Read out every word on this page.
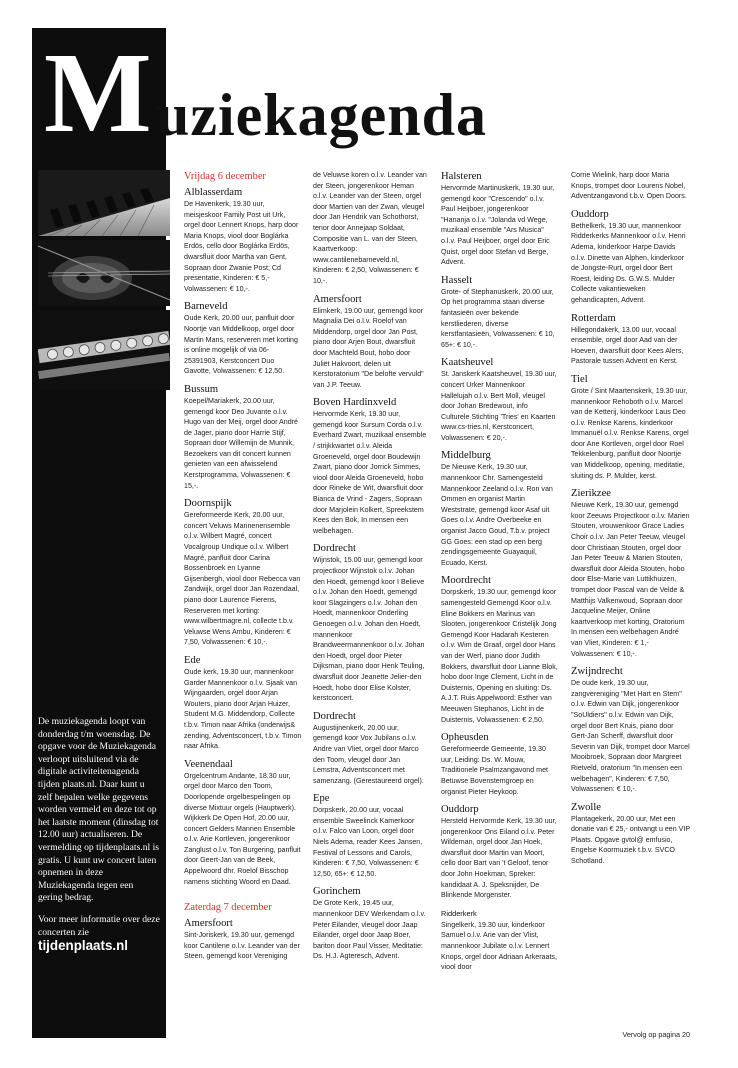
M uziekagenda

De muziekagenda loopt van donderdag t/m woensdag. De opgave voor de Muziekagenda verloopt uitsluitend via de digitale activiteitenagenda tijden plaats.nl. Daar kunt u zelf bepalen welke gegevens worden vermeld en deze tot op het laatste moment (dinsdag tot 12.00 uur) actualiseren. De vermelding op tijdenplaats.nl is gratis. U kunt uw concert laten opnemen in deze Muziekagenda tegen een gering bedrag.

Voor meer informatie over deze concerten zie
tijdenplaats.nl

Vrijdag 6 december
Alblasserdam

De Havenkerk, 19.30 uur, meisjeskoor Family Post uit Urk, orgel door Lennert Knops, harp door Maria Knops, viool door Boglárka Erdös, cello door Boglárka Erdös, dwarsfluit door Martha van Gent, Sopraan door Zwanie Post; Cd presentatie, Kinderen: € 5,- Volwassenen: € 10,-.

Barneveld

Oude Kerk, 20.00 uur, panfluit door Noortje van Middelkoop, orgel door Martin Mans, reserveren met korting is online mogelijk of via 06-25391903, Kerstconcert Duo Gavotte, Volwassenen: € 12,50.

Bussum

Koepel/Mariakerk, 20.00 uur, gemengd koor Deo Juvante o.l.v. Hugo van der Meij, orgel door André de Jager, piano door Harrie Stijf, Sopraan door Willemijn de Munnik, Bezoekers van dit concert kunnen genieten van een afwisselend Kerstprogramma, Volwassenen: € 15,-.

Doornspijk

Gereformeerde Kerk, 20.00 uur, concert Veluws Mannenensemble o.l.v. Wilbert Magré, concert Vocalgroup Undique o.l.v. Wilbert Magré, panfluit door Carina Bossenbroek en Lyanne Gijsenbergh, viool door Rebecca van Zandwijk, orgel door Jan Rozendaal, piano door Laurence Fierens, Reserveren met korting: www.wilbertmagre.nl, collecte t.b.v. Veluwse Wens Ambu, Kinderen: € 7,50, Volwassenen: € 10,-.

Ede

Oude kerk, 19.30 uur, mannenkoor Garder Mannenkoor o.l.v. Sjaak van Wijngaarden, orgel door Arjan Wouters, piano door Arjan Huizer, Student M.G. Middendorp, Collecte t.b.v. Timon naar Afrika (onderwijs& zending, Adventsconcert, t.b.v. Timon naar Afrika.

Veenendaal

Orgelcentrum Andante, 18.30 uur, orgel door Marco den Toom, Doorlopende orgelbespelingen op diverse Mixtuur orgels (Hauptwerk). Wijkkerk De Open Hof, 20.00 uur, concert Gelders Mannen Ensemble o.l.v. Arie Kortleven, jongerenkoor Zanglust o.l.v. Ton Burgering, panfluit door Geert-Jan van de Beek, Appelwoord dhr. Roelof Bisschop namens stichting Woord en Daad.

Zaterdag 7 december
Amersfoort

Sint-Joriskerk, 19.30 uur, gemengd koor Cantilene o.l.v. Leander van der Steen, gemengd koor Vereniging

de Veluwse koren o.l.v. Leander van der Steen, jongerenkoor Heman o.l.v. Leander van der Steen, orgel door Martien van der Zwan, vleugel door Jan Hendrik van Schothorst, tenor door Annejaap Soldaat, Compositie van L. van der Steen, Kaartverkoop: www.cantilenebarneveld.nl, Kinderen: € 2,50, Volwassenen: € 10,-.

Amersfoort

Elimkerk, 19.00 uur, gemengd koor Magnalia Dei o.l.v. Roelof van Middendorp, orgel door Jan Post, piano door Arjen Bout, dwarsfluit door Machteld Bout, hobo door Juliët Hakvoort, delen uit Kerstoratorium "De belofte vervuld" van J.P. Teeuw.

Boven Hardinxveld

Hervormde Kerk, 19.30 uur, gemengd koor Sursum Corda o.l.v. Everhard Zwart, muzikaal ensemble / strijkkwartet o.l.v. Aleida Groeneveld, orgel door Boudewijn Zwart, piano door Jorrick Simmes, viool door Aleida Groeneveld, hobo door Rineke de Wit, dwarsfluit door Bianca de Vrind - Zagers, Sopraan door Marjolein Kolkert, Spreekstem Kees den Bok, In mensen een welbehagen.

Dordrecht

Wijnstok, 15.00 uur, gemengd koor projectkoor Wijnstok o.l.v. Johan den Hoedt, gemengd koor I Believe o.l.v. Johan den Hoedt, gemengd koor Slagzingers o.l.v. Johan den Hoedt, mannenkoor Onderling Genoegen o.l.v. Johan den Hoedt, mannenkoor Brandweermannenkoor o.l.v. Johan den Hoedt, orgel door Pieter Dijksman, piano door Henk Teuling, dwarsfluit door Jeanette Jelier-den Hoedt, hobo door Elise Kolster, kerstconcert.

Dordrecht

Augustijnenkerk, 20.00 uur, gemengd koor Vox Jubilans o.l.v. Andre van Vliet, orgel door Marco den Toom, vleugel door Jan Lemstra, Adventsconcert met samenzang. (Gerestaureerd orgel).

Epe

Dorpskerk, 20.00 uur, vocaal ensemble Sweelinck Kamerkoor o.l.v. Falco van Loon, orgel door Niels Adema, reader Kees Jansen, Festival of Lessons and Carols, Kinderen: € 7,50, Volwassenen: € 12,50, 65+: € 12,50.

Gorinchem

De Grote Kerk, 19.45 uur, mannenkoor DEV Werkendam o.l.v. Peter Eilander, vleugel door Jaap Eilander, orgel door Jaap Boer, bariton door Paul Visser, Meditatie: Ds. H.J. Agteresch, Advent.

Halsteren

Hervormde Martinuskerk, 19.30 uur, gemengd koor "Crescendo" o.l.v. Paul Heijboer, jongerenkoor "Hananja o.l.v. "Jolanda vd Wege, muzikaal ensemble "Ars Musica" o.l.v. Paul Heijboer, orgel door Eric Quist, orgel door Stefan vd Berge, Advent.

Hasselt

Grote- of Stephanuskerk, 20.00 uur, Op het programma staan diverse fantasieën over bekende kerstliederen, diverse kerstfantasieën, Volwassenen: € 10, 65+: € 10,-.

Kaatsheuvel

St. Janskerk Kaatsheuvel, 19.30 uur, concert Urker Mannenkoor Hallelujah o.l.v. Bert Moll, vleugel door Johan Bredewout, info Culturele Stichting 'Tries' en Kaarten www.cs-tries.nl, Kerstconcert, Volwassenen: € 20,-.

Middelburg

De Nieuwe Kerk, 19.30 uur, mannenkoor Chr. Samengesteld Mannenkoor Zeeland o.l.v. Ron van Ommen en organist Martin Weststrate, gemengd koor Asaf uit Goes o.l.v. Andre Overbeeke en organist Jacco Goud, T.b.v. project GG Goes: een stad op een berg zendingsgemeente Guayaquil, Ecuado, Kerst.

Moordrecht

Dorpskerk, 19.30 uur, gemengd koor samengesteld Gemengd Koor o.l.v. Eline Bokkers en Marinus van Slooten, jongerenkoor Cristelijk Jong Gemengd Koor Hadarah Kesteren o.l.v. Wim de Graaf, orgel door Hans van der Werf, piano door Judith Bokkers, dwarsfluit door Lianne Blok, hobo door Inge Clement, Licht in de Duisternis, Opening en sluiting: Ds. A.J.T. Ruis Appelwoord: Esther van Meeuwen Stephanos, Licht in de Duisternis, Volwassenen: € 2,50.

Opheusden

Gereformeerde Gemeente, 19.30 uur, Leiding: Ds. W. Mouw, Traditionele Psalmzangavond met Betuwse Bovenstemgroep en organist Pieter Heykoop.

Ouddorp

Hersteld Hervormde Kerk, 19.30 uur, jongerenkoor Ons Eiland o.l.v. Peter Wildeman, orgel door Jan Hoek, dwarsfluit door Martin van Moort, cello door Bart van 't Geloof, tenor door John Hoekman, Spreker: kandidaat A. J. Speksnijder, De Blinkende Morgenster.

Ridderkerk

Singelkerk, 19.30 uur, kinderkoor Samuel o.l.v. Arie van der Vlist, mannenkoor Jubilate o.l.v. Lennert Knops, orgel door Adriaan Arkeraats, viool door

Corrie Wielink, harp door Maria Knops, trompet door Lourens Nobel, Adventzangavond t.b.v. Open Doors.

Ouddorp

Bethelkerk, 19.30 uur, mannenkoor Ridderkerks Mannenkoor o.l.v. Henri Adema, kinderkoor Harpe Davids o.l.v. Dinette van Alphen, kinderkoor de Jongste-Rurt, orgel door Bert Roest, leiding Ds. G.W.S. Mulder Collecte vakantieweken gehandicapten, Advent.

Rotterdam

Hillegondakerk, 13.00 uur, vocaal ensemble, orgel door Aad van der Hoeven, dwarsfluit door Kees Alers, Pastorale tussen Advent en Kerst.

Tiel

Grote / Sint Maartenskerk, 19.30 uur, mannenkoor Rehoboth o.l.v. Marcel van de Ketterij, kinderkoor Laus Deo o.l.v. Renkse Karens, kinderkoor Immanuël o.l.v. Renkse Karens, orgel door Ane Kortleven, orgel door Roel Tekkelenburg, panfluit door Noortje van Middelkoop, opening, meditatie, sluiting ds. P. Mulder, kerst.

Zierikzee

Nieuwe Kerk, 19.30 uur, gemengd koor Zeeuws Projectkoor o.l.v. Marien Stouten, vrouwenkoor Grace Ladies Choir o.l.v. Jan Peter Teeuw, vleugel door Christiaan Stouten, orgel door Jan Peter Teeuw & Marien Stouten, dwarsfluit door Aleida Stouten, hobo door Else-Marie van Luttikhuizen, trompet door Pascal van de Velde & Matthijs Valkenwoud, Sopraan door Jacqueline Meijer, Online kaartverkoop met korting, Oratorium In mensen een welbehagen André van Vliet, Kinderen: € 1,- Volwassenen: € 10,-.

Zwijndrecht

De oude kerk, 19.30 uur, zangvereniging "Met Hart en Stem" o.l.v. Edwin van Dijk, jongerenkoor "SoUldiers" o.l.v. Edwin van Dijk, orgel door Bert Kruis, piano door Gert-Jan Scherff, dwarsfluit door Severin van Dijk, trompet door Marcel Mooibroek, Sopraan door Margreet Rietveld, oratorium "In mensen een welbehagen", Kinderen: € 7,50, Volwassenen: € 10,-.

Zwolle

Plantagekerk, 20.00 uur, Met een donatie van € 25,- ontvangt u een VIP Plaats. Opgave gvtol@ emfusio, Engelse Koormuziek t.b.v. SVCO Schotland.

Vervolg op pagina 20
